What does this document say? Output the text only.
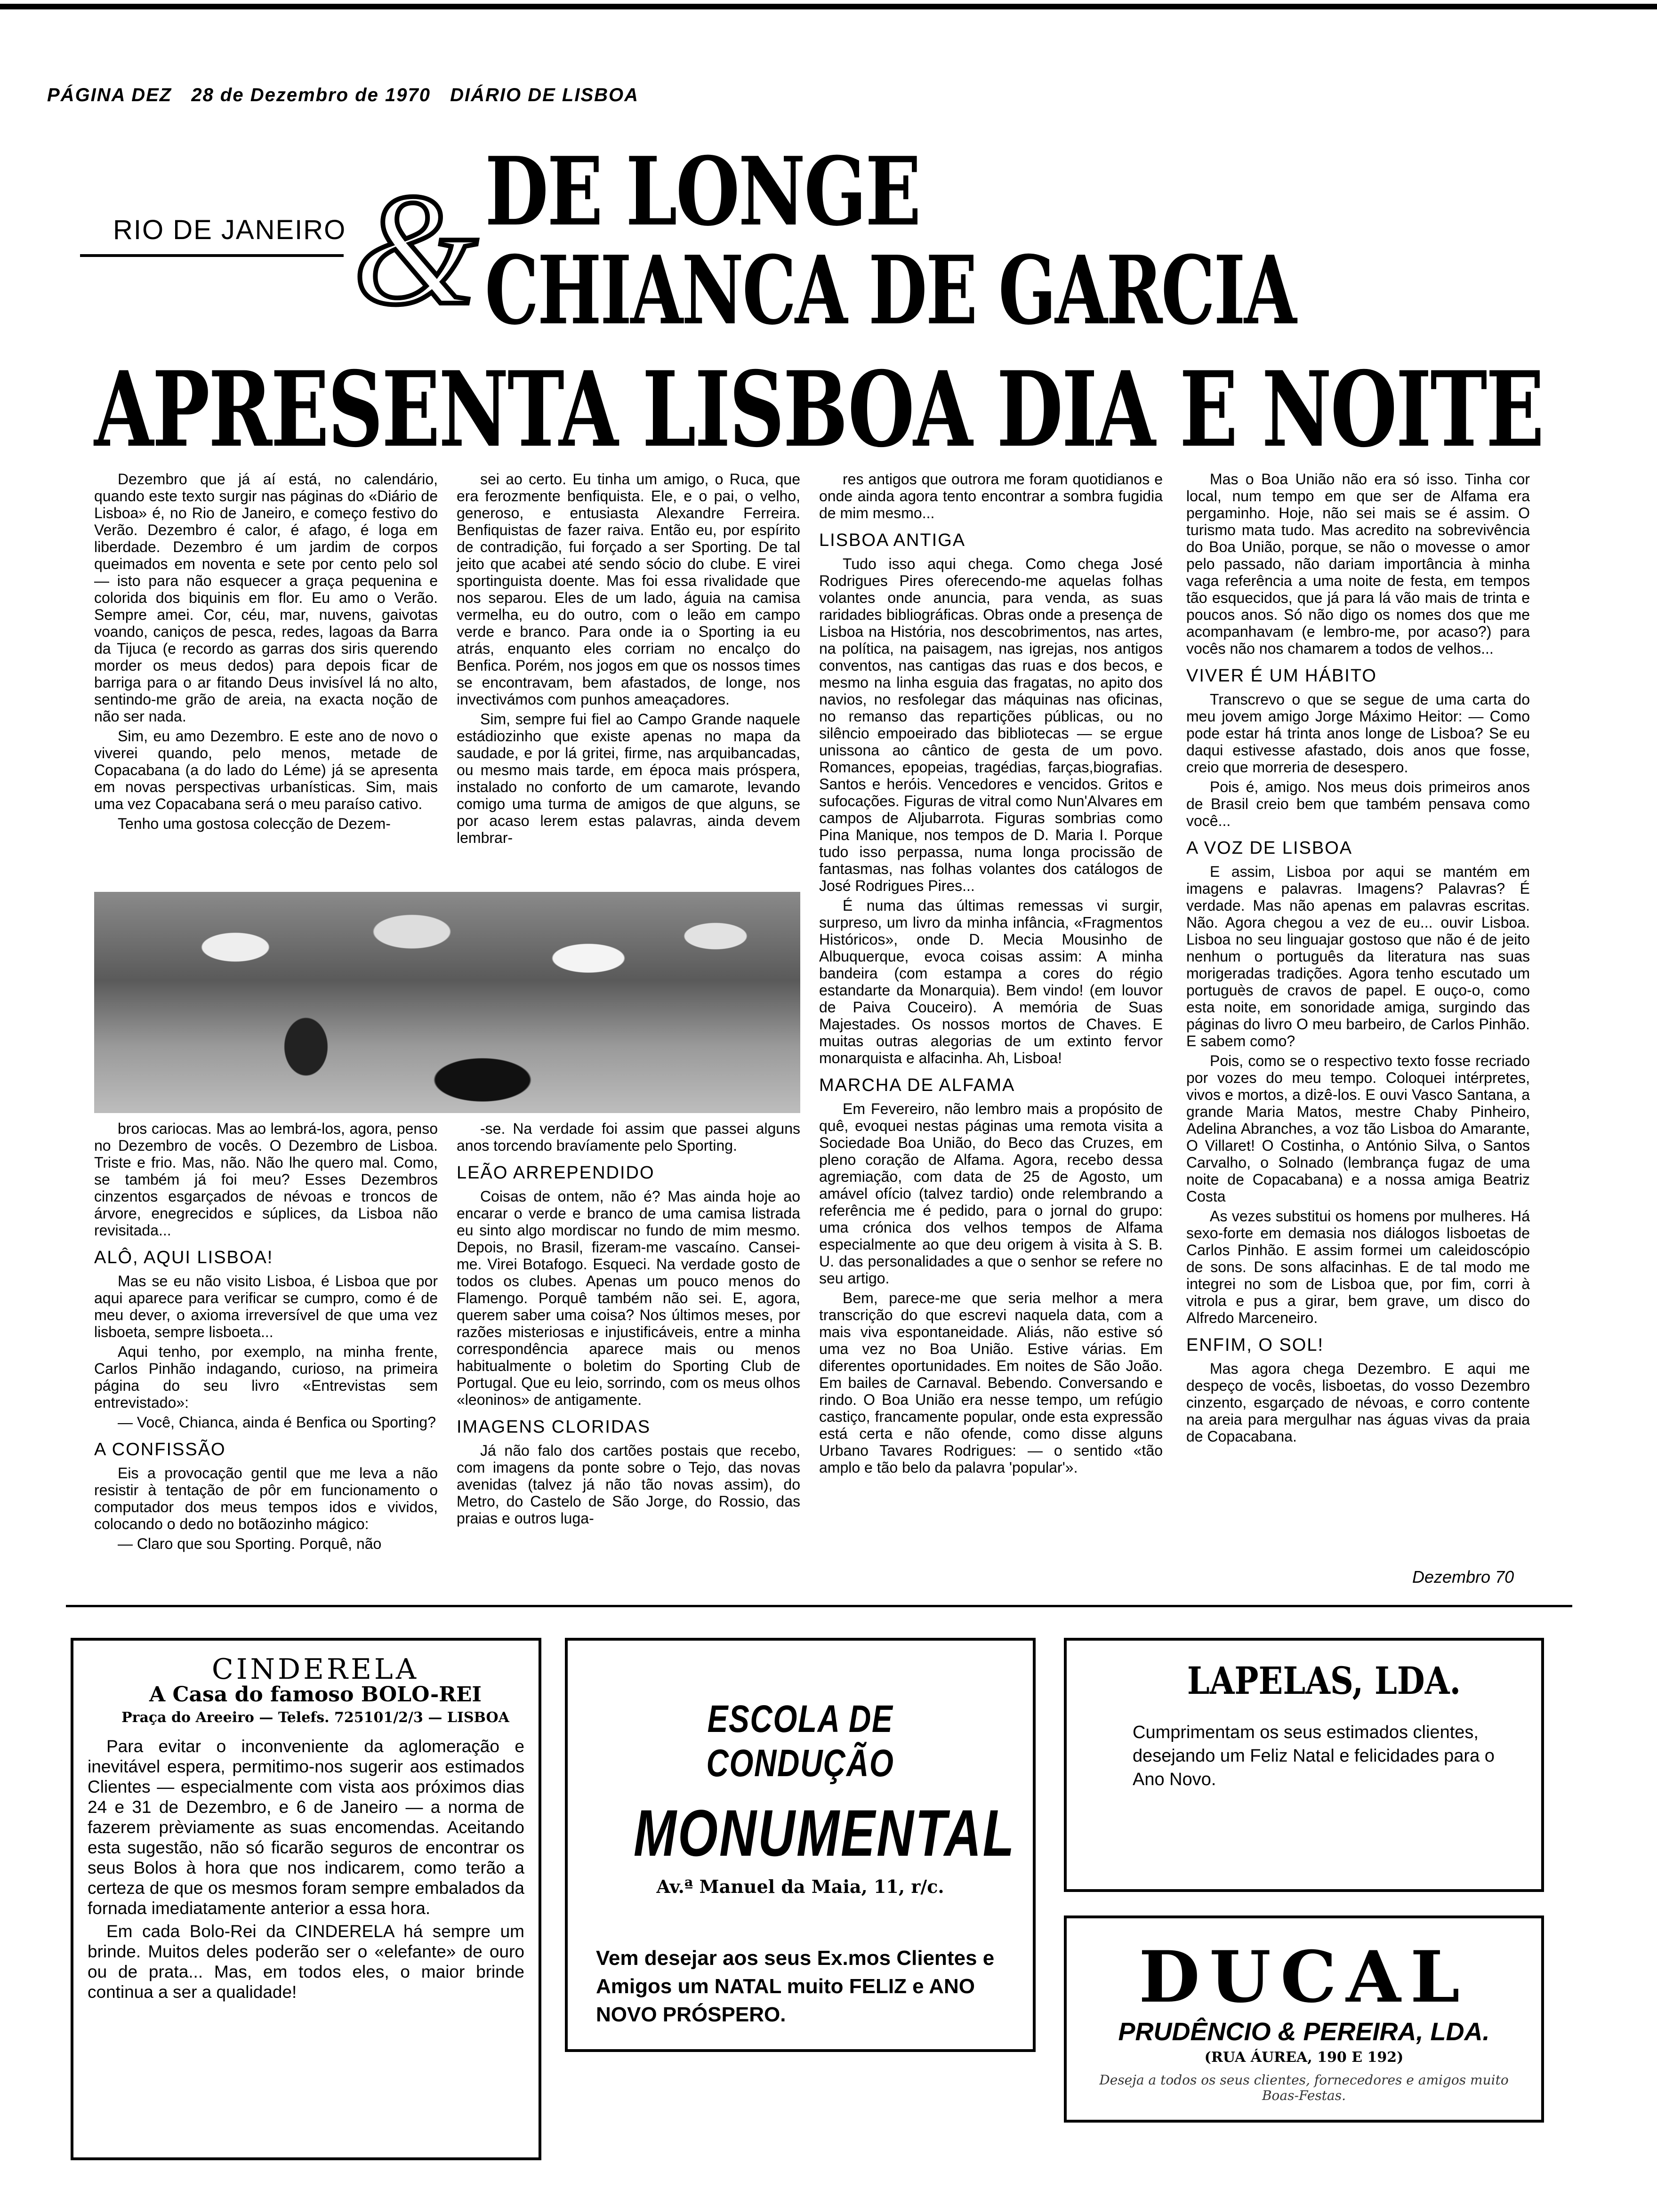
PÁGINA DEZ 28 de Dezembro de 1970 DIÁRIO DE LISBOA
RIO DE JANEIRO & DE LONGE
CHIANCA DE GARCIA
APRESENTA LISBOA DIA E NOITE

Dezembro que já aí está, no calendário, quando este texto surgir nas páginas do «Diário de Lisboa» é, no Rio de Janeiro, e começo festivo do Verão. Dezembro é calor, é afago, é loga em liberdade. Dezembro é um jardim de corpos queimados em noventa e sete por cento pelo sol — isto para não esquecer a graça pequenina e colorida dos biquinis em flor. Eu amo o Verão. Sempre amei. Cor, céu, mar, nuvens, gaivotas voando, caniços de pesca, redes, lagoas da Barra da Tijuca (e recordo as garras dos siris querendo morder os meus dedos) para depois ficar de barriga para o ar fitando Deus invisível lá no alto, sentindo-me grão de areia, na exacta noção de não ser nada.

Sim, eu amo Dezembro. E este ano de novo o viverei quando, pelo menos, metade de Copacabana (a do lado do Léme) já se apresenta em novas perspectivas urbanísticas. Sim, mais uma vez Copacabana será o meu paraíso cativo.

Tenho uma gostosa colecção de Dezem-

sei ao certo. Eu tinha um amigo, o Ruca, que era ferozmente benfiquista. Ele, e o pai, o velho, generoso, e entusiasta Alexandre Ferreira. Benfiquistas de fazer raiva. Então eu, por espírito de contradição, fui forçado a ser Sporting. De tal jeito que acabei até sendo sócio do clube. E virei sportinguista doente. Mas foi essa rivalidade que nos separou. Eles de um lado, águia na camisa vermelha, eu do outro, com o leão em campo verde e branco. Para onde ia o Sporting ia eu atrás, enquanto eles corriam no encalço do Benfica. Porém, nos jogos em que os nossos times se encontravam, bem afastados, de longe, nos invectivámos com punhos ameaçadores.

Sim, sempre fui fiel ao Campo Grande naquele estádiozinho que existe apenas no mapa da saudade, e por lá gritei, firme, nas arquibancadas, ou mesmo mais tarde, em época mais próspera, instalado no conforto de um camarote, levando comigo uma turma de amigos de que alguns, se por acaso lerem estas palavras, ainda devem lembrar-

res antigos que outrora me foram quotidianos e onde ainda agora tento encontrar a sombra fugidia de mim mesmo...

LISBOA ANTIGA

Tudo isso aqui chega. Como chega José Rodrigues Pires oferecendo-me aquelas folhas volantes onde anuncia, para venda, as suas raridades bibliográficas. Obras onde a presença de Lisboa na História, nos descobrimentos, nas artes, na política, na paisagem, nas igrejas, nos antigos conventos, nas cantigas das ruas e dos becos, e mesmo na linha esguia das fragatas, no apito dos navios, no resfolegar das máquinas nas oficinas, no remanso das repartições públicas, ou no silêncio empoeirado das bibliotecas — se ergue unissona ao cântico de gesta de um povo. Romances, epopeias, tragédias, farças,biografias. Santos e heróis. Vencedores e vencidos. Gritos e sufocações. Figuras de vitral como Nun'Alvares em campos de Aljubarrota. Figuras sombrias como Pina Manique, nos tempos de D. Maria I. Porque tudo isso perpassa, numa longa procissão de fantasmas, nas folhas volantes dos catálogos de José Rodrigues Pires...

É numa das últimas remessas vi surgir, surpreso, um livro da minha infância, «Fragmentos Históricos», onde D. Mecia Mousinho de Albuquerque, evoca coisas assim: A minha bandeira (com estampa a cores do régio estandarte da Monarquia). Bem vindo! (em louvor de Paiva Couceiro). A memória de Suas Majestades. Os nossos mortos de Chaves. E muitas outras alegorias de um extinto fervor monarquista e alfacinha. Ah, Lisboa!

MARCHA DE ALFAMA

Em Fevereiro, não lembro mais a propósito de quê, evoquei nestas páginas uma remota visita a Sociedade Boa União, do Beco das Cruzes, em pleno coração de Alfama. Agora, recebo dessa agremiação, com data de 25 de Agosto, um amável ofício (talvez tardio) onde relembrando a referência me é pedido, para o jornal do grupo: uma crónica dos velhos tempos de Alfama especialmente ao que deu origem à visita à S. B. U. das personalidades a que o senhor se refere no seu artigo.

Bem, parece-me que seria melhor a mera transcrição do que escrevi naquela data, com a mais viva espontaneidade. Aliás, não estive só uma vez no Boa União. Estive várias. Em diferentes oportunidades. Em noites de São João. Em bailes de Carnaval. Bebendo. Conversando e rindo. O Boa União era nesse tempo, um refúgio castiço, francamente popular, onde esta expressão está certa e não ofende, como disse alguns Urbano Tavares Rodrigues: — o sentido «tão amplo e tão belo da palavra 'popular'».

Mas o Boa União não era só isso. Tinha cor local, num tempo em que ser de Alfama era pergaminho. Hoje, não sei mais se é assim. O turismo mata tudo. Mas acredito na sobrevivência do Boa União, porque, se não o movesse o amor pelo passado, não dariam importância à minha vaga referência a uma noite de festa, em tempos tão esquecidos, que já para lá vão mais de trinta e poucos anos. Só não digo os nomes dos que me acompanhavam (e lembro-me, por acaso?) para vocês não nos chamarem a todos de velhos...

VIVER É UM HÁBITO

Transcrevo o que se segue de uma carta do meu jovem amigo Jorge Máximo Heitor: — Como pode estar há trinta anos longe de Lisboa? Se eu daqui estivesse afastado, dois anos que fosse, creio que morreria de desespero.

Pois é, amigo. Nos meus dois primeiros anos de Brasil creio bem que também pensava como você...

A VOZ DE LISBOA

E assim, Lisboa por aqui se mantém em imagens e palavras. Imagens? Palavras? É verdade. Mas não apenas em palavras escritas. Não. Agora chegou a vez de eu... ouvir Lisboa. Lisboa no seu linguajar gostoso que não é de jeito nenhum o português da literatura nas suas morigeradas tradições. Agora tenho escutado um portuguès de cravos de papel. E ouço-o, como esta noite, em sonoridade amiga, surgindo das páginas do livro O meu barbeiro, de Carlos Pinhão. E sabem como?

Pois, como se o respectivo texto fosse recriado por vozes do meu tempo. Coloquei intérpretes, vivos e mortos, a dizê-los. E ouvi Vasco Santana, a grande Maria Matos, mestre Chaby Pinheiro, Adelina Abranches, a voz tão Lisboa do Amarante, O Villaret! O Costinha, o António Silva, o Santos Carvalho, o Solnado (lembrança fugaz de uma noite de Copacabana) e a nossa amiga Beatriz Costa

As vezes substitui os homens por mulheres. Há sexo-forte em demasia nos diálogos lisboetas de Carlos Pinhão. E assim formei um caleidoscópio de sons. De sons alfacinhas. E de tal modo me integrei no som de Lisboa que, por fim, corri à vitrola e pus a girar, bem grave, um disco do Alfredo Marceneiro.

ENFIM, O SOL!

Mas agora chega Dezembro. E aqui me despeço de vocês, lisboetas, do vosso Dezembro cinzento, esgarçado de névoas, e corro contente na areia para mergulhar nas águas vivas da praia de Copacabana.

bros cariocas. Mas ao lembrá-los, agora, penso no Dezembro de vocês. O Dezembro de Lisboa. Triste e frio. Mas, não. Não lhe quero mal. Como, se também já foi meu? Esses Dezembros cinzentos esgarçados de névoas e troncos de árvore, enegrecidos e súplices, da Lisboa não revisitada...

ALÔ, AQUI LISBOA!

Mas se eu não visito Lisboa, é Lisboa que por aqui aparece para verificar se cumpro, como é de meu dever, o axioma irreversível de que uma vez lisboeta, sempre lisboeta...

Aqui tenho, por exemplo, na minha frente, Carlos Pinhão indagando, curioso, na primeira página do seu livro «Entrevistas sem entrevistado»:

— Você, Chianca, ainda é Benfica ou Sporting?

A CONFISSÃO

Eis a provocação gentil que me leva a não resistir à tentação de pôr em funcionamento o computador dos meus tempos idos e vividos, colocando o dedo no botãozinho mágico:

— Claro que sou Sporting. Porquê, não

-se. Na verdade foi assim que passei alguns anos torcendo bravíamente pelo Sporting.

LEÃO ARREPENDIDO

Coisas de ontem, não é? Mas ainda hoje ao encarar o verde e branco de uma camisa listrada eu sinto algo mordiscar no fundo de mim mesmo. Depois, no Brasil, fizeram-me vascaíno. Cansei-me. Virei Botafogo. Esqueci. Na verdade gosto de todos os clubes. Apenas um pouco menos do Flamengo. Porquê também não sei. E, agora, querem saber uma coisa? Nos últimos meses, por razões misteriosas e injustificáveis, entre a minha correspondência aparece mais ou menos habitualmente o boletim do Sporting Club de Portugal. Que eu leio, sorrindo, com os meus olhos «leoninos» de antigamente.

IMAGENS CLORIDAS

Já não falo dos cartões postais que recebo, com imagens da ponte sobre o Tejo, das novas avenidas (talvez já não tão novas assim), do Metro, do Castelo de São Jorge, do Rossio, das praias e outros luga-

Dezembro 70

CINDERELA

A Casa do famoso BOLO-REI

Praça do Areeiro — Telefs. 725101/2/3 — LISBOA

Para evitar o inconveniente da aglomeração e inevitável espera, permitimo-nos sugerir aos estimados Clientes — especialmente com vista aos próximos dias 24 e 31 de Dezembro, e 6 de Janeiro — a norma de fazerem prèviamente as suas encomendas. Aceitando esta sugestão, não só ficarão seguros de encontrar os seus Bolos à hora que nos indicarem, como terão a certeza de que os mesmos foram sempre embalados da fornada imediatamente anterior a essa hora.

Em cada Bolo-Rei da CINDERELA há sempre um brinde. Muitos deles poderão ser o «elefante» de ouro ou de prata... Mas, em todos eles, o maior brinde continua a ser a qualidade!

ESCOLA DE CONDUÇÃO

MONUMENTAL

Av.ª Manuel da Maia, 11, r/c.

Vem desejar aos seus Ex.mos Clientes e Amigos um NATAL muito FELIZ e ANO NOVO PRÓSPERO.

LAPELAS, LDA.

Cumprimentam os seus estimados clientes, desejando um Feliz Natal e felicidades para o Ano Novo.

DUCAL

PRUDÊNCIO & PEREIRA, LDA.

(RUA ÁUREA, 190 E 192)

Deseja a todos os seus clientes, fornecedores e amigos muito Boas-Festas.
